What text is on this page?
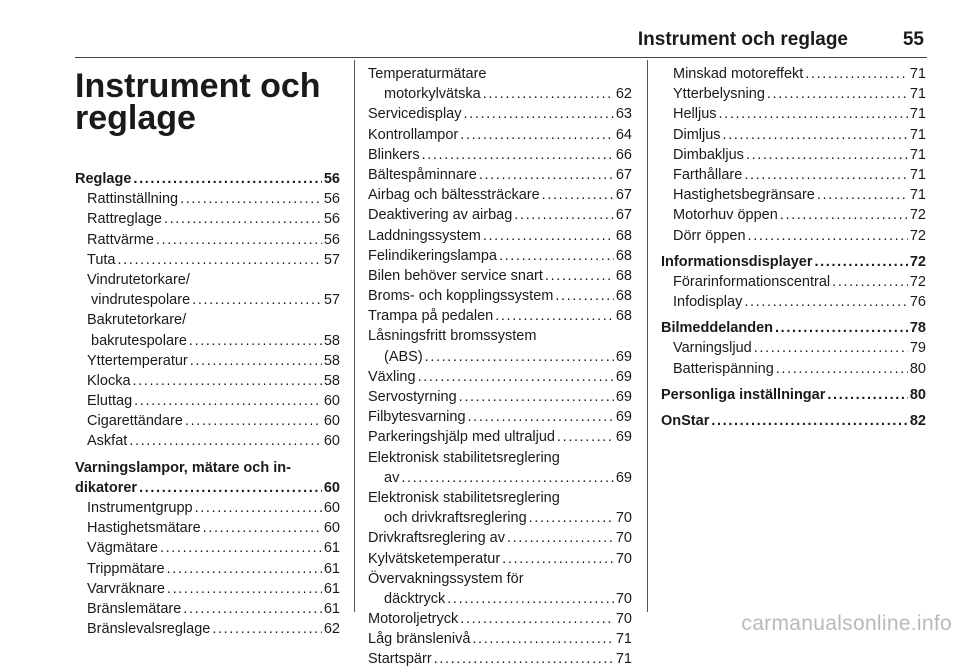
Instrument och reglage	55
Instrument och reglage
Reglage . . .	56
Rattinställning . . .	56
Rattreglage . . .	56
Rattvärme . . .	56
Tuta . . .	57
Vindrutetorkare/
vindrutespolare . . .	57
Bakrutetorkare/
bakrutespolare . . .	58
Yttertemperatur . . .	58
Klocka . . .	58
Eluttag . . .	60
Cigarettändare . . .	60
Askfat . . .	60
Varningslampor, mätare och in-
dikatorer . . .	60
Instrumentgrupp . . .	60
Hastighetsmätare . . .	60
Vägmätare . . .	61
Trippmätare . . .	61
Varvräknare . . .	61
Bränslemätare . . .	61
Bränslevalsreglage . . .	62
Temperaturmätare
motorkylvätska . . .	62
Servicedisplay . . .	63
Kontrollampor . . .	64
Blinkers . . .	66
Bältespåminnare . . .	67
Airbag och bältessträckare . . .	67
Deaktivering av airbag . . .	67
Laddningssystem . . .	68
Felindikeringslampa . . .	68
Bilen behöver service snart . . .	68
Broms- och kopplingssystem . . .	68
Trampa på pedalen . . .	68
Låsningsfritt bromssystem
(ABS) . . .	69
Växling . . .	69
Servostyrning . . .	69
Filbytesvarning . . .	69
Parkeringshjälp med ultraljud . . .	69
Elektronisk stabilitetsreglering
av . . .	69
Elektronisk stabilitetsreglering
och drivkraftsreglering . . .	70
Drivkraftsreglering av . . .	70
Kylvätsketemperatur . . .	70
Övervakningssystem för
däcktryck . . .	70
Motoroljetryck . . .	70
Låg bränslenivå . . .	71
Startspärr . . .	71
Minskad motoreffekt . . .	71
Ytterbelysning . . .	71
Helljus . . .	71
Dimljus . . .	71
Dimbakljus . . .	71
Farthållare . . .	71
Hastighetsbegränsare . . .	71
Motorhuv öppen . . .	72
Dörr öppen . . .	72
Informationsdisplayer . . .	72
Förarinformationscentral . . .	72
Infodisplay . . .	76
Bilmeddelanden . . .	78
Varningsljud . . .	79
Batterispänning . . .	80
Personliga inställningar . . .	80
OnStar . . .	82
carmanualsonline.info
